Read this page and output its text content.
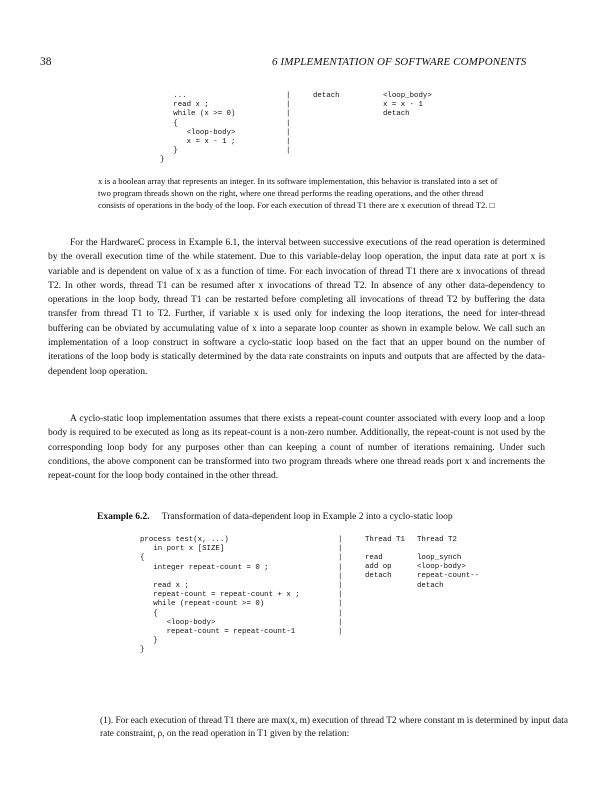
38	6 IMPLEMENTATION OF SOFTWARE COMPONENTS
...
read x ;
while (x >= 0)
{
<loop-body>
x = x - 1 ;
}
}
|
|
|
|
|
|
|
detach	<loop_body>
x = x - 1
detach
x is a boolean array that represents an integer. In its software implementation, this behavior is translated into a set of two program threads shown on the right, where one thread performs the reading operations, and the other thread consists of operations in the body of the loop. For each execution of thread T1 there are x execution of thread T2. □
For the HardwareC process in Example 6.1, the interval between successive executions of the read operation is determined by the overall execution time of the while statement. Due to this variable-delay loop operation, the input data rate at port x is variable and is dependent on value of x as a function of time. For each invocation of thread T1 there are x invocations of thread T2. In other words, thread T1 can be resumed after x invocations of thread T2. In absence of any other data-dependency to operations in the loop body, thread T1 can be restarted before completing all invocations of thread T2 by buffering the data transfer from thread T1 to T2. Further, if variable x is used only for indexing the loop iterations, the need for inter-thread buffering can be obviated by accumulating value of x into a separate loop counter as shown in example below. We call such an implementation of a loop construct in software a cyclo-static loop based on the fact that an upper bound on the number of iterations of the loop body is statically determined by the data rate constraints on inputs and outputs that are affected by the data-dependent loop operation.
A cyclo-static loop implementation assumes that there exists a repeat-count counter associated with every loop and a loop body is required to be executed as long as its repeat-count is a non-zero number. Additionally, the repeat-count is not used by the corresponding loop body for any purposes other than can keeping a count of number of iterations remaining. Under such conditions, the above component can be transformed into two program threads where one thread reads port x and increments the repeat-count for the loop body contained in the other thread.
Example 6.2. Transformation of data-dependent loop in Example 2 into a cyclo-static loop
process test(x, ...)
in port x [SIZE]
{
integer repeat-count = 0 ;

read x ;
repeat-count = repeat-count + x ;
while (repeat-count >= 0)
{
<loop-body>
repeat-count = repeat-count-1
}
}
|
|
|
|
|
|
|
|
|
|
|
Thread T1 Thread T2
read
add op
detach
loop_synch
<loop-body>
repeat-count--
detach
(1). For each execution of thread T1 there are max(x, m) execution of thread T2 where constant m is determined by input data rate constraint, ρ, on the read operation in T1 given by the relation:
